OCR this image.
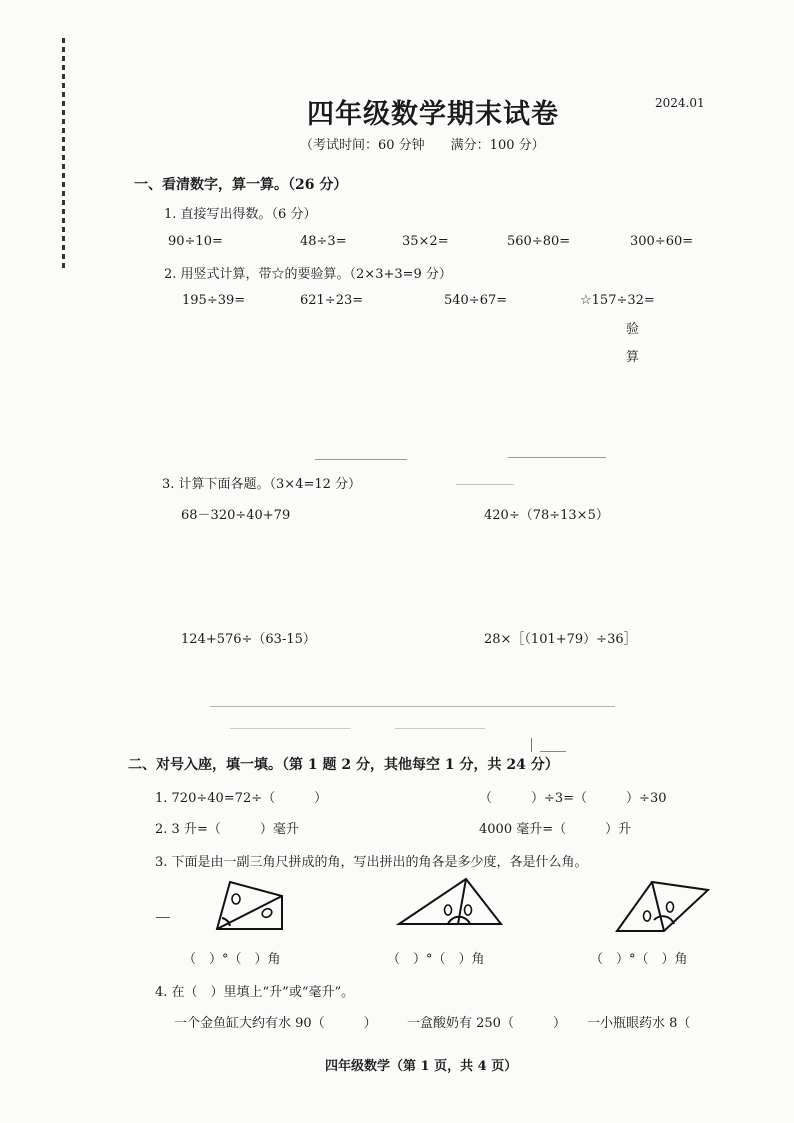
四年级数学期末试卷	2024.01
（考试时间：60 分钟　　满分：100 分）
一、看清数字，算一算。（26 分）
1. 直接写出得数。（6 分）
90÷10=	48÷3=	35×2=	560÷80=	300÷60=
2. 用竖式计算，带☆的要验算。（2×3+3=9 分）
195÷39=	621÷23=	540÷67=	☆157÷32=
验
算
3. 计算下面各题。（3×4=12 分）
68－320÷40+79	420÷（78÷13×5）
124+576÷（63-15）	28×［（101+79）÷36］
二、对号入座，填一填。（第 1 题 2 分，其他每空 1 分，共 24 分）
1. 720÷40=72÷（　　　）	（　　　）÷3=（　　　）÷30
2. 3 升=（　　　）毫升	4000 毫升=（　　　）升
3. 下面是由一副三角尺拼成的角，写出拼出的角各是多少度，各是什么角。
（　）°（　）角	（　）°（　）角	（　）°（　）角
4. 在（　）里填上“升”或“毫升”。
一个金鱼缸大约有水 90（　　　） 一盒酸奶有 250（　　　） 一小瓶眼药水 8（
四年级数学（第 1 页，共 4 页）
